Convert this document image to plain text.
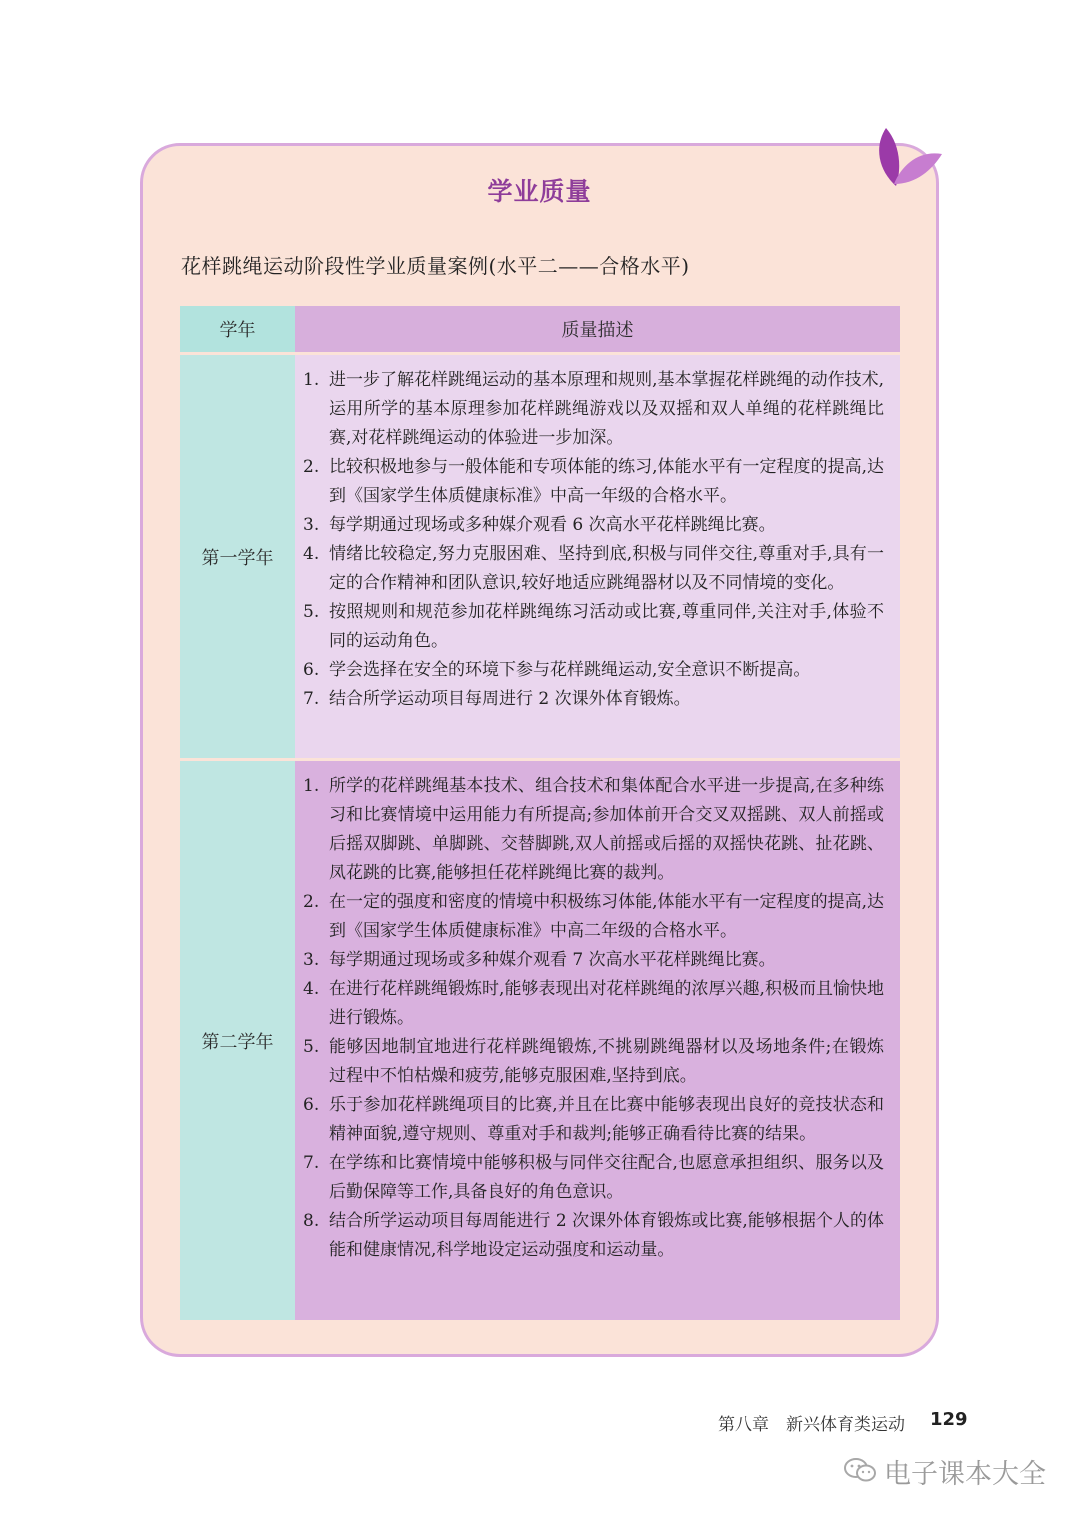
学业质量
花样跳绳运动阶段性学业质量案例(水平二——合格水平)
学年	质量描述
第一学年
1. 进一步了解花样跳绳运动的基本原理和规则,基本掌握花样跳绳的动作技术,运用所学的基本原理参加花样跳绳游戏以及双摇和双人单绳的花样跳绳比赛,对花样跳绳运动的体验进一步加深。
2. 比较积极地参与一般体能和专项体能的练习,体能水平有一定程度的提高,达到《国家学生体质健康标准》中高一年级的合格水平。
3. 每学期通过现场或多种媒介观看 6 次高水平花样跳绳比赛。
4. 情绪比较稳定,努力克服困难、坚持到底,积极与同伴交往,尊重对手,具有一定的合作精神和团队意识,较好地适应跳绳器材以及不同情境的变化。
5. 按照规则和规范参加花样跳绳练习活动或比赛,尊重同伴,关注对手,体验不同的运动角色。
6. 学会选择在安全的环境下参与花样跳绳运动,安全意识不断提高。
7. 结合所学运动项目每周进行 2 次课外体育锻炼。
第二学年
1. 所学的花样跳绳基本技术、组合技术和集体配合水平进一步提高,在多种练习和比赛情境中运用能力有所提高;参加体前开合交叉双摇跳、双人前摇或后摇双脚跳、单脚跳、交替脚跳,双人前摇或后摇的双摇快花跳、扯花跳、凤花跳的比赛,能够担任花样跳绳比赛的裁判。
2. 在一定的强度和密度的情境中积极练习体能,体能水平有一定程度的提高,达到《国家学生体质健康标准》中高二年级的合格水平。
3. 每学期通过现场或多种媒介观看 7 次高水平花样跳绳比赛。
4. 在进行花样跳绳锻炼时,能够表现出对花样跳绳的浓厚兴趣,积极而且愉快地进行锻炼。
5. 能够因地制宜地进行花样跳绳锻炼,不挑剔跳绳器材以及场地条件;在锻炼过程中不怕枯燥和疲劳,能够克服困难,坚持到底。
6. 乐于参加花样跳绳项目的比赛,并且在比赛中能够表现出良好的竞技状态和精神面貌,遵守规则、尊重对手和裁判;能够正确看待比赛的结果。
7. 在学练和比赛情境中能够积极与同伴交往配合,也愿意承担组织、服务以及后勤保障等工作,具备良好的角色意识。
8. 结合所学运动项目每周能进行 2 次课外体育锻炼或比赛,能够根据个人的体能和健康情况,科学地设定运动强度和运动量。
第八章　新兴体育类运动 129
电子课本大全
